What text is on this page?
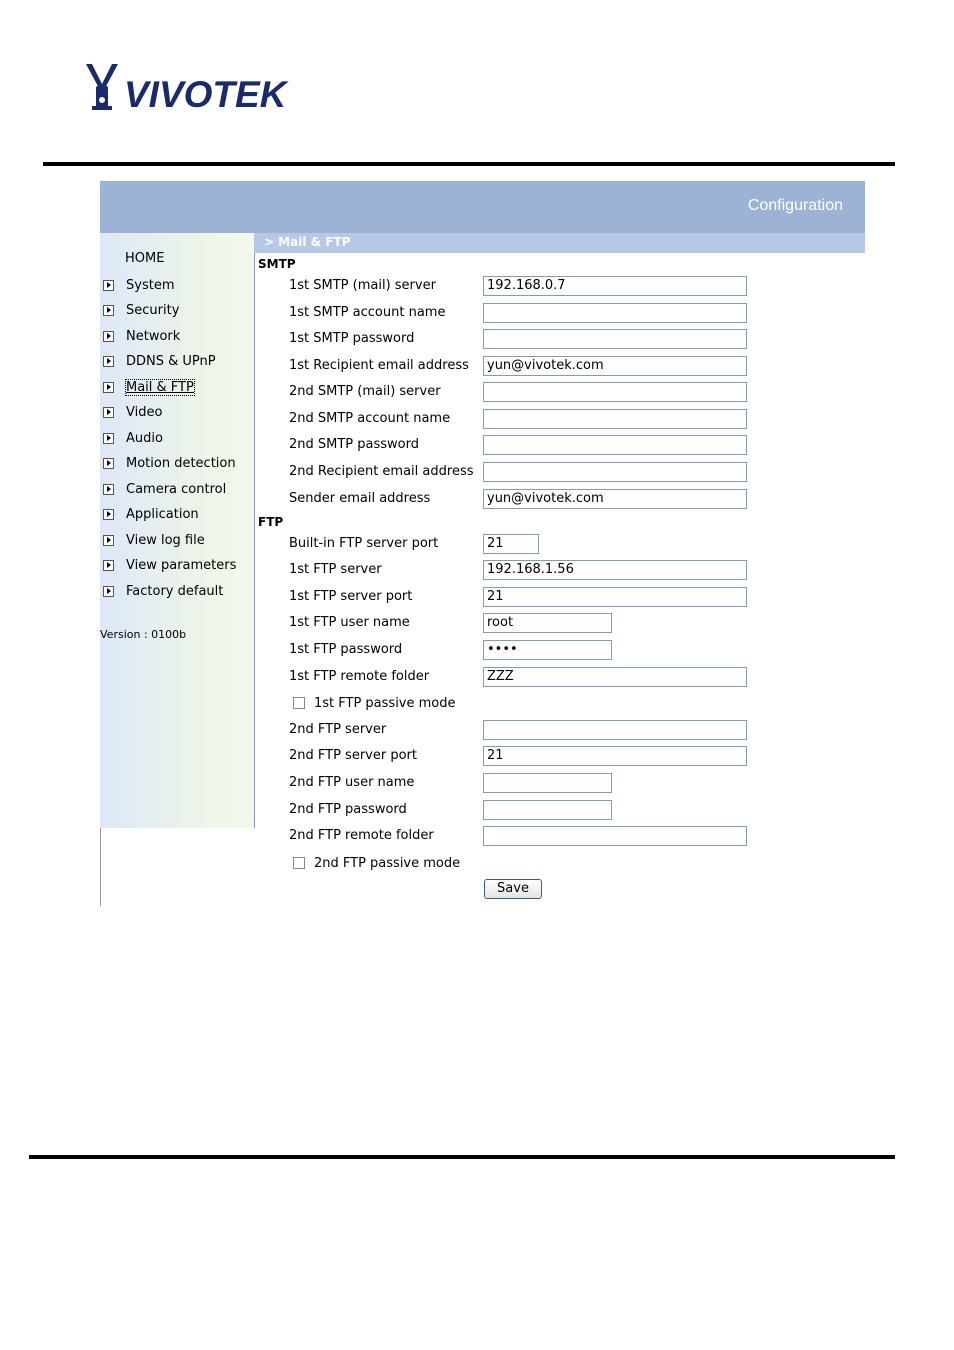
VIVOTEK
Configuration
HOME
System
Security
Network
DDNS & UPnP
Mail & FTP
Video
Audio
Motion detection
Camera control
Application
View log file
View parameters
Factory default
Version : 0100b
> Mail & FTP
SMTP
1st SMTP (mail) server	192.168.0.7
1st SMTP account name
1st SMTP password
1st Recipient email address	yun@vivotek.com
2nd SMTP (mail) server
2nd SMTP account name
2nd SMTP password
2nd Recipient email address
Sender email address	yun@vivotek.com
FTP
Built-in FTP server port	21
1st FTP server	192.168.1.56
1st FTP server port	21
1st FTP user name	root
1st FTP password	••••
1st FTP remote folder	ZZZ
1st FTP passive mode
2nd FTP server
2nd FTP server port	21
2nd FTP user name
2nd FTP password
2nd FTP remote folder
2nd FTP passive mode
Save
